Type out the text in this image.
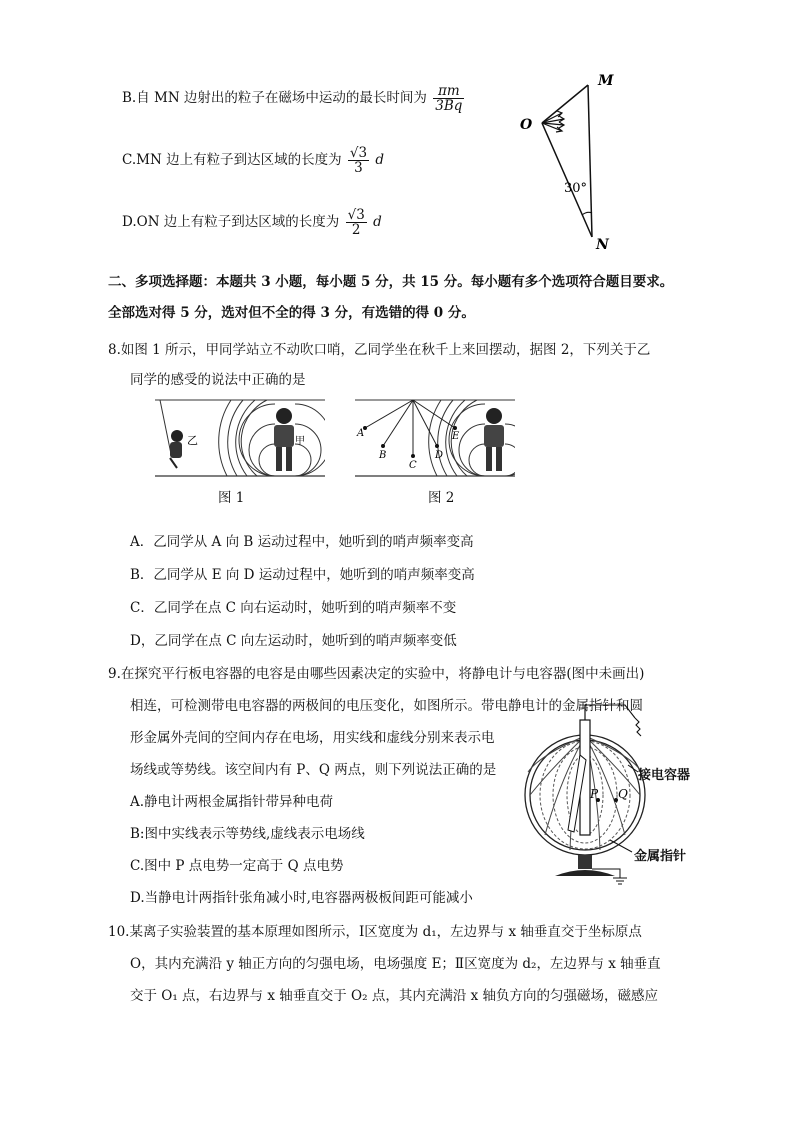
B.自 MN 边射出的粒子在磁场中运动的最长时间为 $\frac{\pi m}{3Bq}$
C.MN 边上有粒子到达区域的长度为 $\frac{√3}{3}$ d
D.ON 边上有粒子到达区域的长度为 $\frac{√3}{2}$ d
M
O
N
30°
二、多项选择题：本题共 3 小题，每小题 5 分，共 15 分。每小题有多个选项符合题目要求。
全部选对得 5 分，选对但不全的得 3 分，有选错的得 0 分。
8.如图 1 所示，甲同学站立不动吹口哨，乙同学坐在秋千上来回摆动，据图 2，下列关于乙
同学的感受的说法中正确的是
乙	甲
图 1
A
B
C
D
E
图 2
A．乙同学从 A 向 B 运动过程中，她听到的哨声频率变高
B．乙同学从 E 向 D 运动过程中，她听到的哨声频率变高
C．乙同学在点 C 向右运动时，她听到的哨声频率不变
D，乙同学在点 C 向左运动时，她听到的哨声频率变低
9.在探究平行板电容器的电容是由哪些因素决定的实验中，将静电计与电容器(图中未画出)
相连，可检测带电电容器的两极间的电压变化，如图所示。带电静电计的金属指针和圆
形金属外壳间的空间内存在电场，用实线和虚线分别来表示电
场线或等势线。该空间内有 P、Q 两点，则下列说法正确的是
A.静电计两根金属指针带异种电荷
B:图中实线表示等势线,虚线表示电场线
C.图中 P 点电势一定高于 Q 点电势
D.当静电计两指针张角减小时,电容器两极板间距可能减小
P Q
接电容器
金属指针
10.某离子实验装置的基本原理如图所示，Ⅰ区宽度为 d₁，左边界与 x 轴垂直交于坐标原点
O，其内充满沿 y 轴正方向的匀强电场，电场强度 E；Ⅱ区宽度为 d₂，左边界与 x 轴垂直
交于 O₁ 点，右边界与 x 轴垂直交于 O₂ 点，其内充满沿 x 轴负方向的匀强磁场，磁感应
